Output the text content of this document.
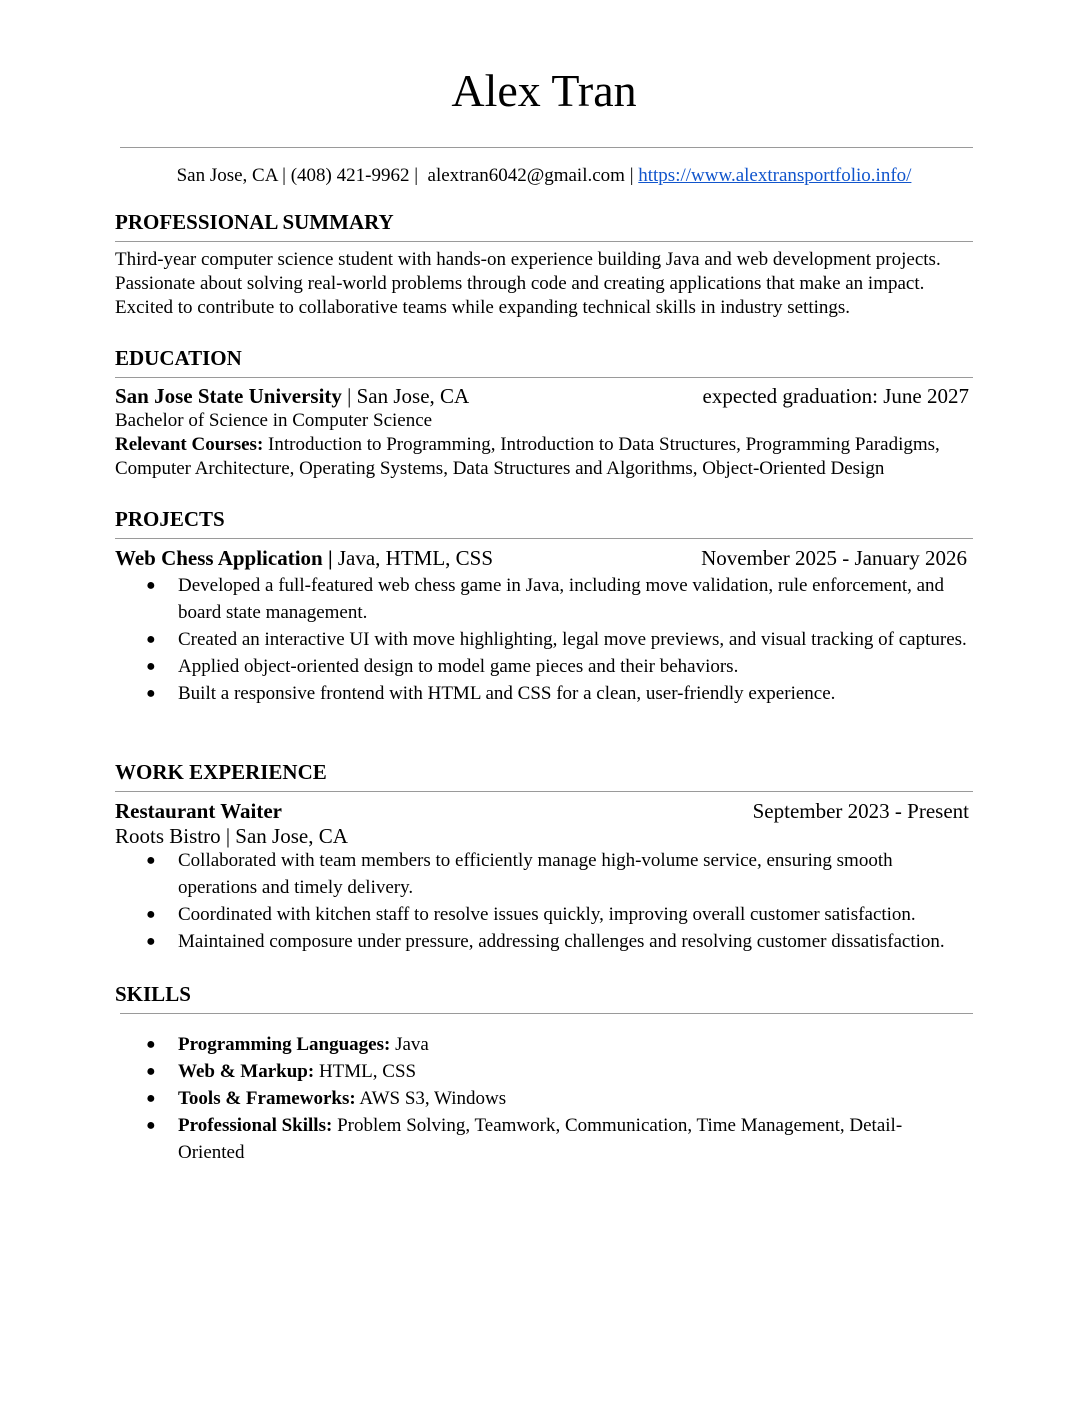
Alex Tran
San Jose, CA | (408) 421-9962 |  alextran6042@gmail.com | https://www.alextransportfolio.info/
PROFESSIONAL SUMMARY

Third-year computer science student with hands-on experience building Java and web development projects. Passionate about solving real-world problems through code and creating applications that make an impact. Excited to contribute to collaborative teams while expanding technical skills in industry settings.

EDUCATION
San Jose State University | San Jose, CA	expected graduation: June 2027
Bachelor of Science in Computer Science

Relevant Courses: Introduction to Programming, Introduction to Data Structures, Programming Paradigms, Computer Architecture, Operating Systems, Data Structures and Algorithms, Object-Oriented Design

PROJECTS
Web Chess Application | Java, HTML, CSS	November 2025 - January 2026
● Developed a full-featured web chess game in Java, including move validation, rule enforcement, and board state management.
● Created an interactive UI with move highlighting, legal move previews, and visual tracking of captures.
● Applied object-oriented design to model game pieces and their behaviors.
● Built a responsive frontend with HTML and CSS for a clean, user-friendly experience.
WORK EXPERIENCE
Restaurant Waiter	September 2023 - Present
Roots Bistro | San Jose, CA
● Collaborated with team members to efficiently manage high-volume service, ensuring smooth operations and timely delivery.
● Coordinated with kitchen staff to resolve issues quickly, improving overall customer satisfaction.
● Maintained composure under pressure, addressing challenges and resolving customer dissatisfaction.
SKILLS
● Programming Languages: Java
● Web & Markup: HTML, CSS
● Tools & Frameworks: AWS S3, Windows
● Professional Skills: Problem Solving, Teamwork, Communication, Time Management, Detail-Oriented
